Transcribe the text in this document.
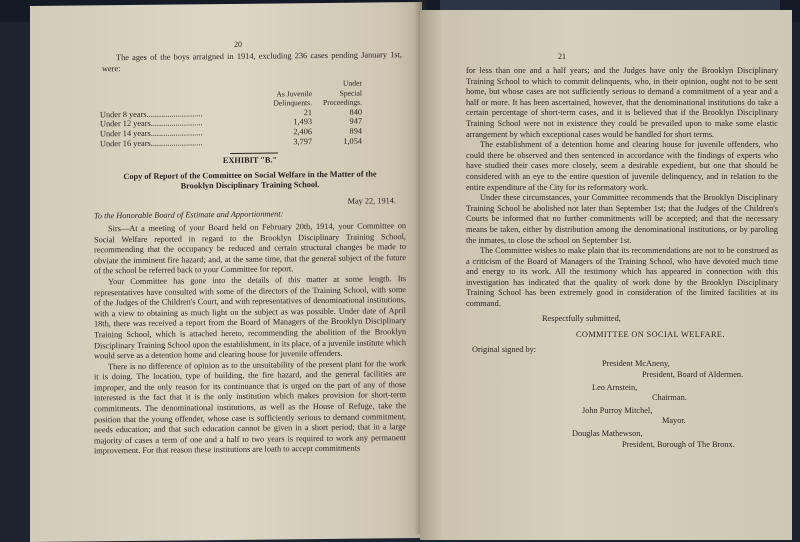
20

The ages of the boys arraigned in 1914, excluding 236 cases pending January 1st, were:

	As Juvenile Delinquents.	Under Special Proceedings.
Under 8 years...........................	21	840
Under 12 years.........................	1,493	947
Under 14 years.........................	2,406	894
Under 16 years.........................	3,797	1,054

EXHIBIT "B."

Copy of Report of the Committee on Social Welfare in the Matter of the Brooklyn Disciplinary Training School.

May 22, 1914.

To the Honorable Board of Estimate and Apportionment:

Sirs—At a meeting of your Board held on February 20th, 1914, your Committee on Social Welfare reported in regard to the Brooklyn Disciplinary Training School, recommending that the occupancy be reduced and certain structural changes be made to obviate the imminent fire hazard; and, at the same time, that the general subject of the future of the school be referred back to your Committee for report.

Your Committee has gone into the details of this matter at some length. Its representatives have consulted with some of the directors of the Training School, with some of the Judges of the Children's Court, and with representatives of denominational institutions, with a view to obtaining as much light on the subject as was possible. Under date of April 18th, there was received a report from the Board of Managers of the Brooklyn Disciplinary Training School, which is attached hereto, recommending the abolition of the Brooklyn Disciplinary Training School upon the establishment, in its place, of a juvenile institute which would serve as a detention home and clearing house for juvenile offenders.

There is no difference of opinion as to the unsuitability of the present plant for the work it is doing. The location, type of building, the fire hazard, and the general facilities are improper, and the only reason for its continuance that is urged on the part of any of those interested is the fact that it is the only institution which makes provision for short-term commitments. The denominational institutions, as well as the House of Refuge, take the position that the young offender, whose case is sufficiently serious to demand commitment, needs education; and that such education cannot be given in a short period; that in a large majority of cases a term of one and a half to two years is required to work any permanent improvement. For that reason these institutions are loath to accept commitments

21

for less than one and a half years; and the Judges have only the Brooklyn Disciplinary Training School to which to commit delinquents, who, in their opinion, ought not to be sent home, but whose cases are not sufficiently serious to demand a commitment of a year and a half or more. It has been ascertained, however, that the denominational institutions do take a certain percentage of short-term cases, and it is believed that if the Brooklyn Disciplinary Training School were not in existence they could be prevailed upon to make some elastic arrangement by which exceptional cases would be handled for short terms.

The establishment of a detention home and clearing house for juvenile offenders, who could there be observed and then sentenced in accordance with the findings of experts who have studied their cases more closely, seem a desirable expedient, but one that should be considered with an eye to the entire question of juvenile delinquency, and in relation to the entire expenditure of the City for its reformatory work.

Under these circumstances, your Committee recommends that the Brooklyn Disciplinary Training School be abolished not later than September 1st; that the Judges of the Children's Courts be informed that no further commitments will be accepted; and that the necessary means be taken, either by distribution among the denominational institutions, or by paroling the inmates, to close the school on September 1st.

The Committee wishes to make plain that its recommendations are not to be construed as a criticism of the Board of Managers of the Training School, who have devoted much time and energy to its work. All the testimony which has appeared in connection with this investigation has indicated that the quality of work done by the Brooklyn Disciplinary Training School has been extremely good in consideration of the limited facilities at its command.

Respectfully submitted,

COMMITTEE ON SOCIAL WELFARE.

Original signed by:

President McAneny,

President, Board of Aldermen.

Leo Arnstein,

Chairman.

John Purroy Mitchel,

Mayor.

Douglas Mathewson,

President, Borough of The Bronx.
